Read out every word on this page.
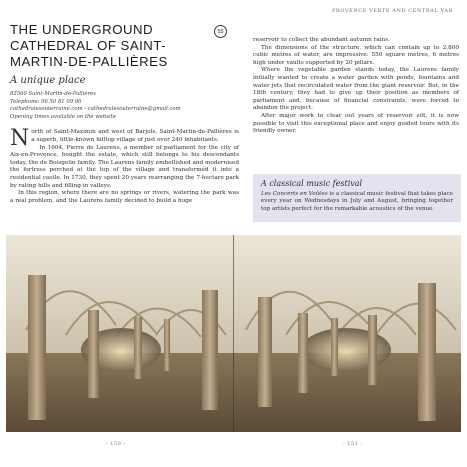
PROVENCE VERTE AND CENTRAL VAR
THE UNDERGROUND CATHEDRAL OF SAINT-MARTIN-DE-PALLIÈRES
55
A unique place
83560 Saint-Martin-de-Pallières
Telephone: 06 50 81 09 96
cathedralesouterraine.com - cathedralesouterraine@gmail.com
Opening times available on the website

North of Saint-Maximin and west of Barjols, Saint-Martin-de-Pallières is a superb, little-known hilltop village of just over 240 inhabitants.

In 1604, Pierre de Laurens, a member of parliament for the city of Aix-en-Provence, bought the estate, which still belongs to his descendants today, the de Boisgelin family. The Laurens family embellished and modernised the fortress perched at the top of the village and transformed it into a residential castle. In 1730, they spent 20 years rearranging the 7-hectare park by rating hills and filling-in valleys.

In this region, where there are no springs or rivers, watering the park was a real problem, and the Laurens family decided to build a huge

reservoir to collect the abundant autumn rains.

The dimensions of the structure, which can contain up to 2,800 cubic metres of water, are impressive: 550 square metres, 6 metres high under vaults supported by 20 pillars.

Where the vegetable garden stands today, the Laurens family initially wanted to create a water garden with ponds, fountains and water jets that recirculated water from the giant reservoir. But, in the 18th century, they had to give up their position as members of parliament and, because of financial constraints, were forced to abandon the project.

After major work to clear out years of reservoir silt, it is now possible to visit this exceptional place and enjoy guided tours with its friendly owner.

A classical music festival
Les Concerts en Voûtes is a classical music festival that takes place every year on Wednesdays in July and August, bringing together top artists perfect for the remarkable acoustics of the venue.
- 150 -	- 151 -
